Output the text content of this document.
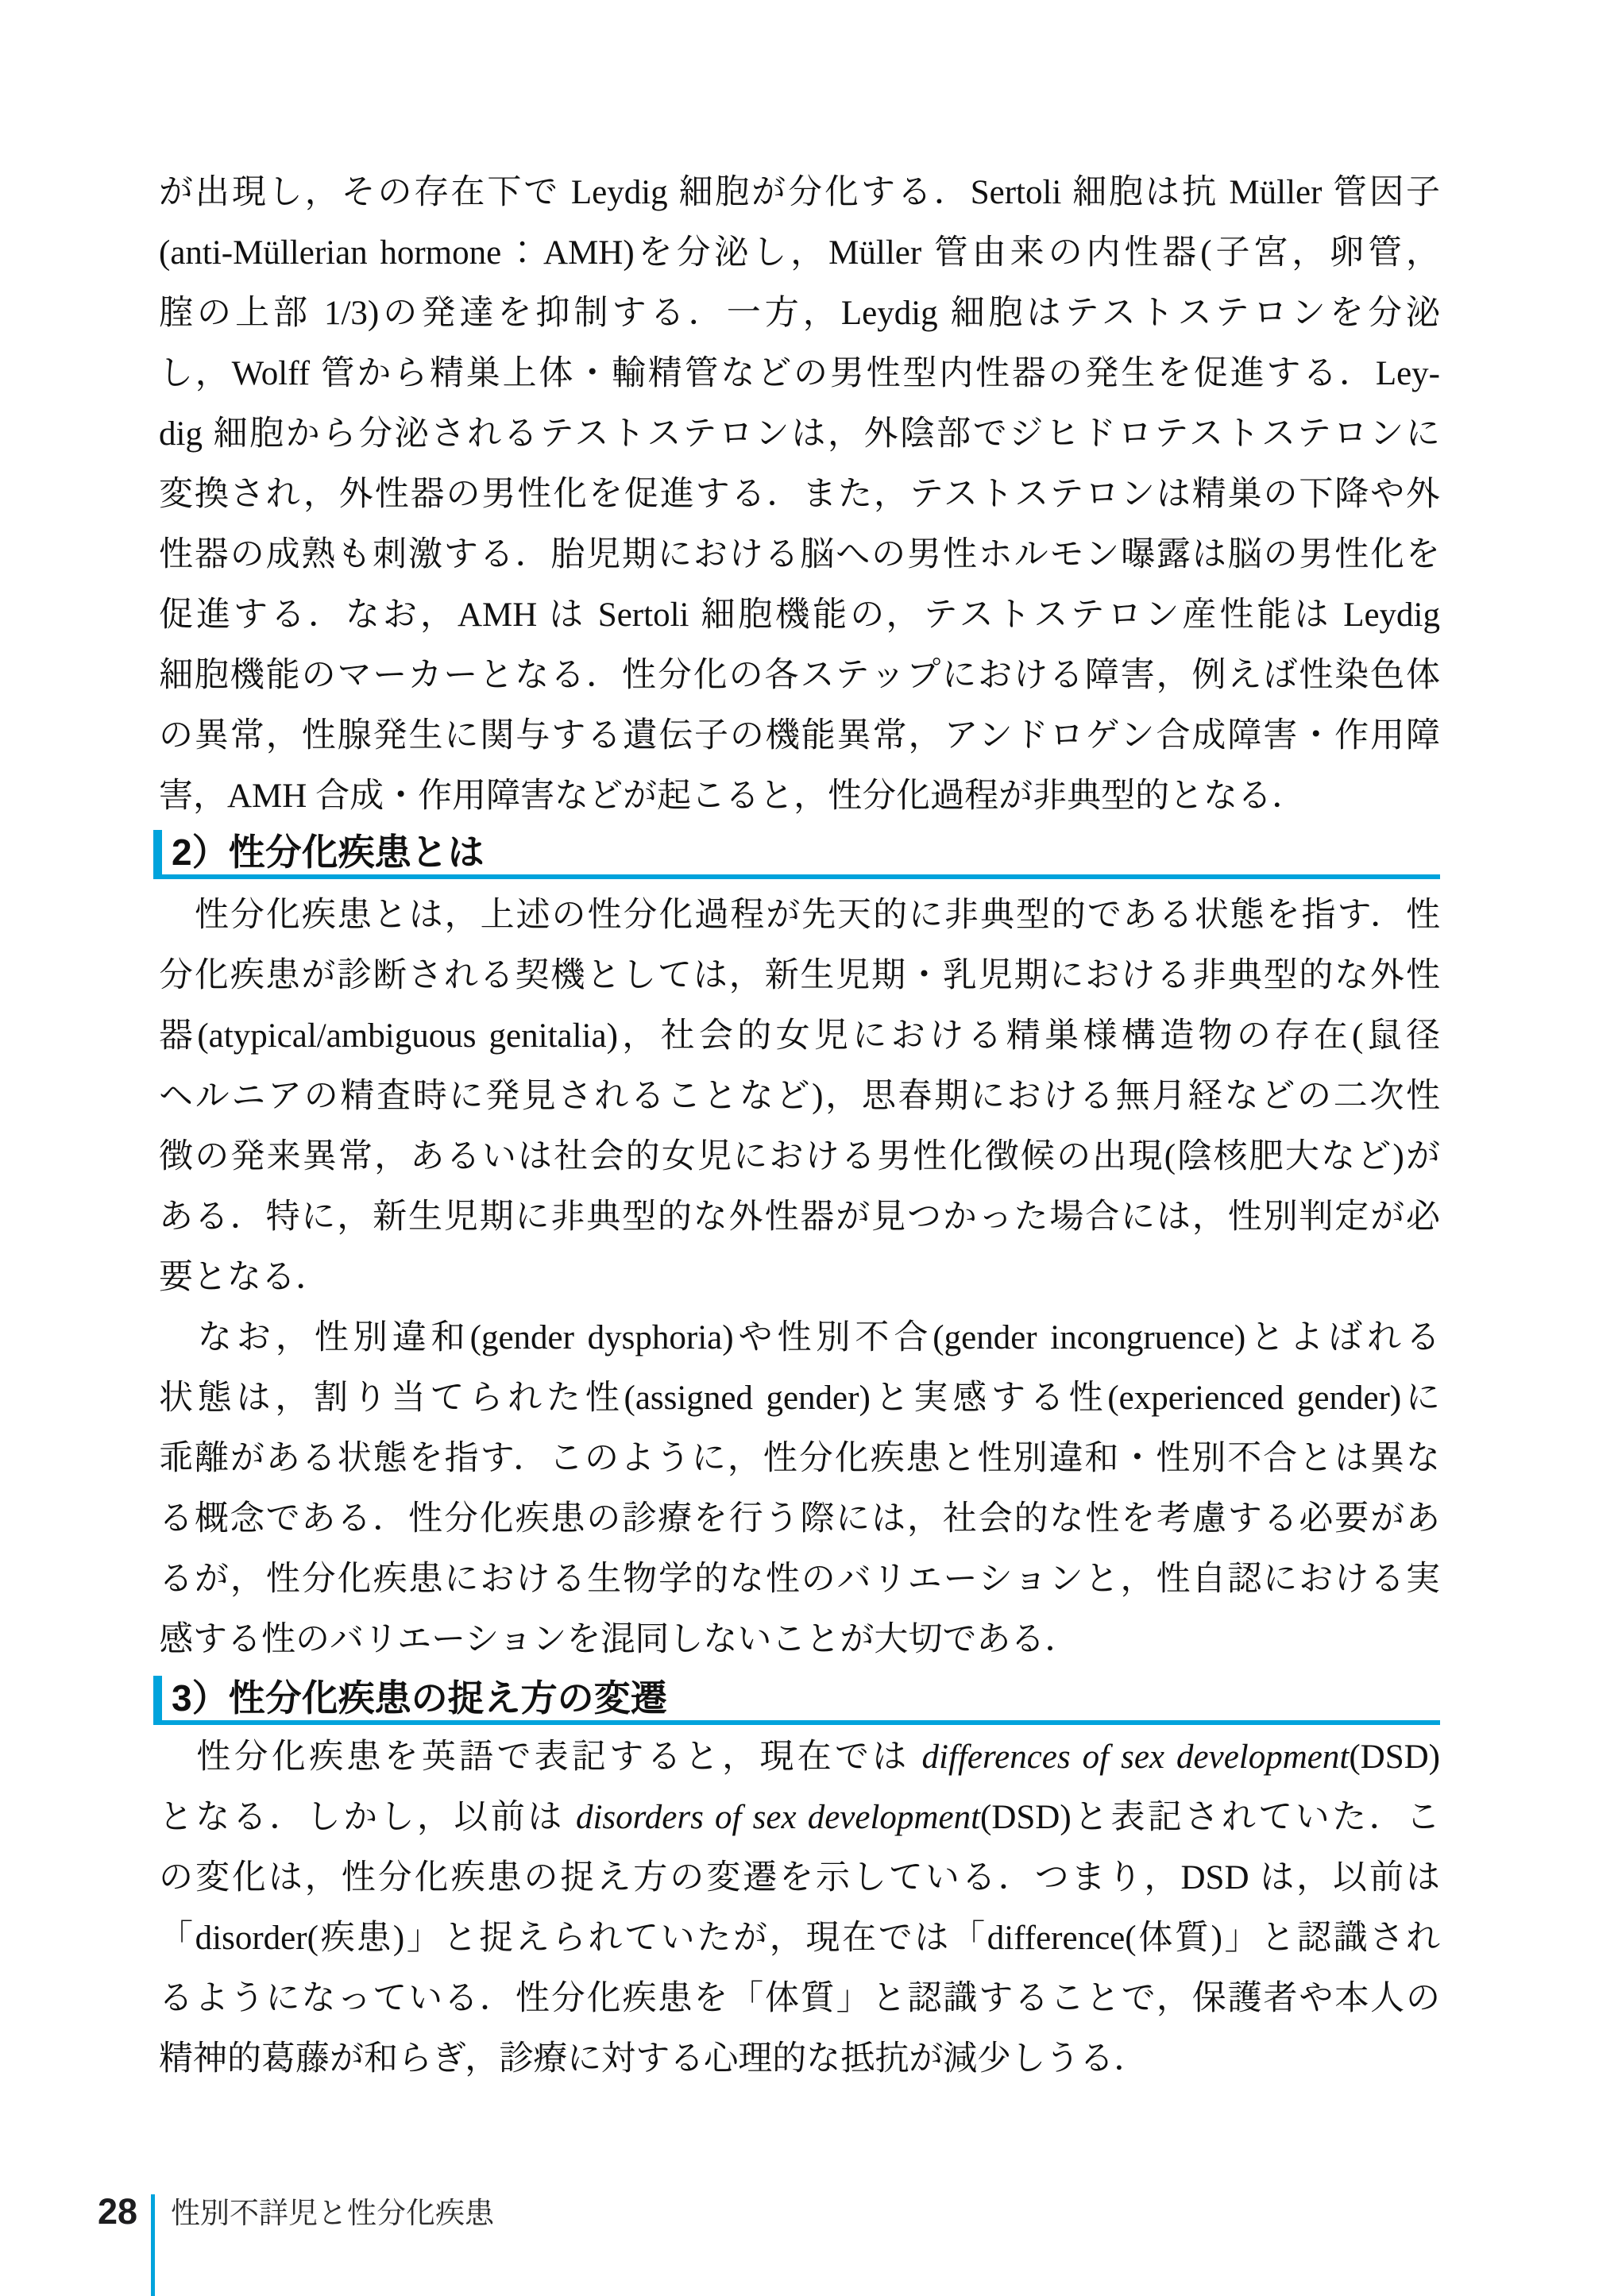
が出現し，その存在下で Leydig 細胞が分化する．Sertoli 細胞は抗 Müller 管因子
(anti-Müllerian hormone：AMH)を分泌し，Müller 管由来の内性器(子宮，卵管，
腟の上部 1/3)の発達を抑制する．一方，Leydig 細胞はテストステロンを分泌
し，Wolff 管から精巣上体・輸精管などの男性型内性器の発生を促進する．Ley-
dig 細胞から分泌されるテストステロンは，外陰部でジヒドロテストステロンに
変換され，外性器の男性化を促進する．また，テストステロンは精巣の下降や外
性器の成熟も刺激する．胎児期における脳への男性ホルモン曝露は脳の男性化を
促進する．なお，AMH は Sertoli 細胞機能の，テストステロン産性能は Leydig
細胞機能のマーカーとなる．性分化の各ステップにおける障害，例えば性染色体
の異常，性腺発生に関与する遺伝子の機能異常，アンドロゲン合成障害・作用障
害，AMH 合成・作用障害などが起こると，性分化過程が非典型的となる．
2）性分化疾患とは
　性分化疾患とは，上述の性分化過程が先天的に非典型的である状態を指す．性
分化疾患が診断される契機としては，新生児期・乳児期における非典型的な外性
器(atypical/ambiguous genitalia)，社会的女児における精巣様構造物の存在(鼠径
ヘルニアの精査時に発見されることなど)，思春期における無月経などの二次性
徴の発来異常，あるいは社会的女児における男性化徴候の出現(陰核肥大など)が
ある．特に，新生児期に非典型的な外性器が見つかった場合には，性別判定が必
要となる．
　なお，性別違和(gender dysphoria)や性別不合(gender incongruence)とよばれる
状態は，割り当てられた性(assigned gender)と実感する性(experienced gender)に
乖離がある状態を指す．このように，性分化疾患と性別違和・性別不合とは異な
る概念である．性分化疾患の診療を行う際には，社会的な性を考慮する必要があ
るが，性分化疾患における生物学的な性のバリエーションと，性自認における実
感する性のバリエーションを混同しないことが大切である．
3）性分化疾患の捉え方の変遷
　性分化疾患を英語で表記すると，現在では differences of sex development(DSD)
となる．しかし，以前は disorders of sex development(DSD)と表記されていた．こ
の変化は，性分化疾患の捉え方の変遷を示している．つまり，DSD は，以前は
「disorder(疾患)」と捉えられていたが，現在では「difference(体質)」と認識され
るようになっている．性分化疾患を「体質」と認識することで，保護者や本人の
精神的葛藤が和らぎ，診療に対する心理的な抵抗が減少しうる．
28 性別不詳児と性分化疾患
